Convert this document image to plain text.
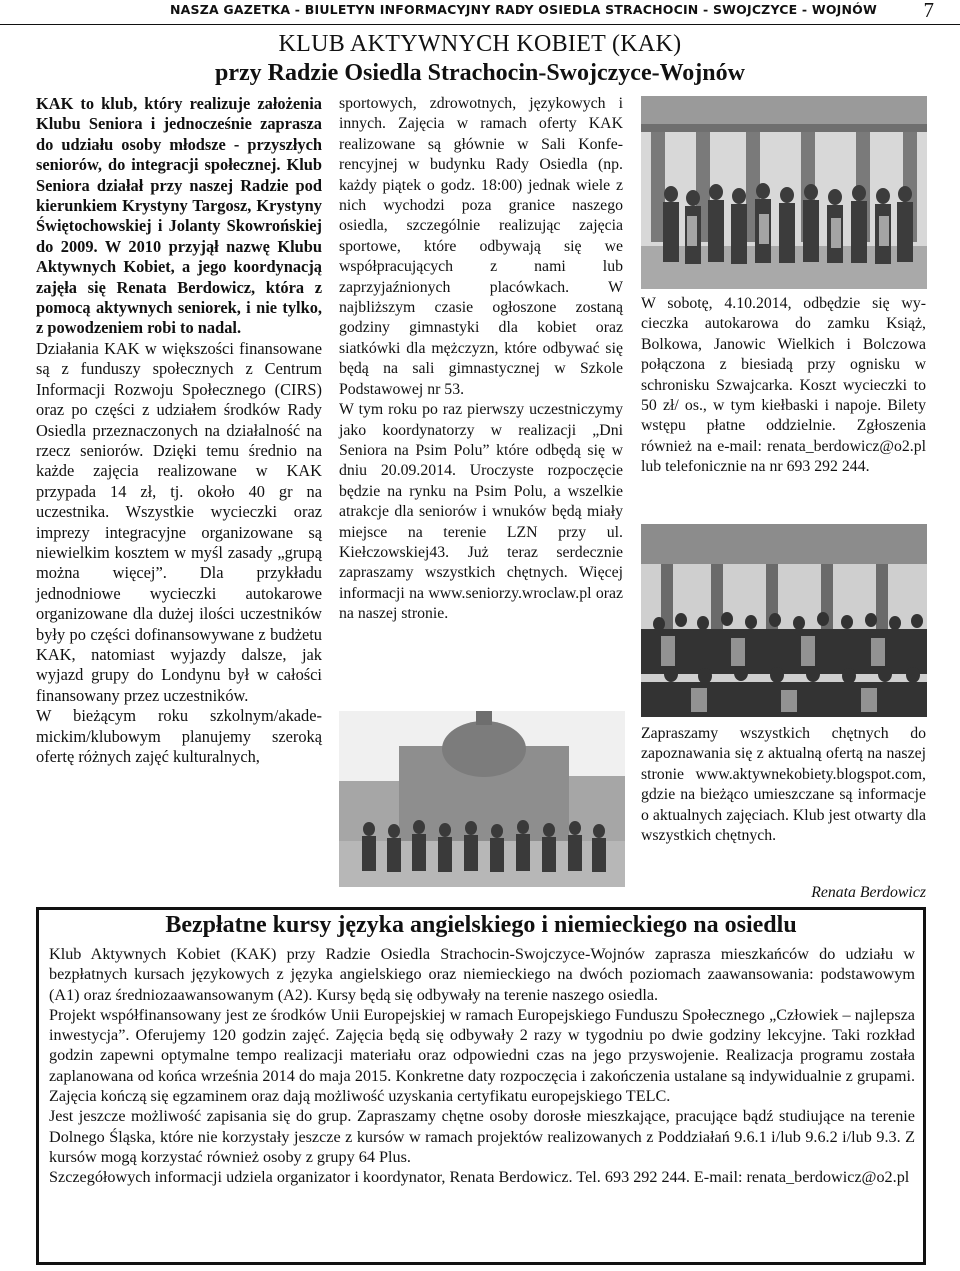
NASZA GAZETKA - BIULETYN INFORMACYJNY RADY OSIEDLA STRACHOCIN - SWOJCZYCE - WOJNÓW 7
KLUB AKTYWNYCH KOBIET (KAK)
przy Radzie Osiedla Strachocin-Swojczyce-Wojnów

KAK to klub, który realizuje założenia Klubu Seniora i jednocześnie zaprasza do udziału osoby młodsze - przyszłych seniorów, do integracji społecznej. Klub Seniora działał przy naszej Radzie pod kierunkiem Krystyny Targosz, Krystyny Świętochowskiej i Jolanty Skowrońskiej do 2009. W 2010 przyjął nazwę Klubu Aktywnych Kobiet, a jego koordynacją zajęła się Renata Berdowicz, która z pomocą aktywnych seniorek, i nie tylko, z powodzeniem robi to nadal.

Działania KAK w większości finansowane są z funduszy społecznych z Centrum Informacji Rozwoju Społecznego (CIRS) oraz po części z udziałem środków Rady Osiedla przeznaczonych na działalność na rzecz seniorów. Dzięki temu średnio na każde zajęcia realizowane w KAK przypada 14 zł, tj. około 40 gr na uczestnika. Wszystkie wycieczki oraz imprezy integracyjne organizowane są niewielkim kosztem w myśl zasady „grupą można więcej”. Dla przykładu jednodniowe wycieczki autokarowe organizowane dla dużej ilości uczestników były po części dofinansowywane z budżetu KAK, natomiast wyjazdy dalsze, jak wyjazd grupy do Londynu był w całości finansowany przez uczestników.

W bieżącym roku szkolnym/akademickim/klubowym planujemy szeroką ofertę różnych zajęć kulturalnych,

sportowych, zdrowotnych, językowych i innych. Zajęcia w ramach oferty KAK realizowane są głównie w Sali Konferencyjnej w budynku Rady Osiedla (np. każdy piątek o godz. 18:00) jednak wiele z nich wychodzi poza granice naszego osiedla, szczególnie realizując zajęcia sportowe, które odbywają się we współpracujących z nami lub zaprzyjaźnionych placówkach. W najbliższym czasie ogłoszone zostaną godziny gimnastyki dla kobiet oraz siatkówki dla mężczyzn, które odbywać się będą na sali gimnastycznej w Szkole Podstawowej nr 53.

W tym roku po raz pierwszy uczestniczymy jako koordynatorzy w realizacji „Dni Seniora na Psim Polu” które odbędą się w dniu 20.09.2014. Uroczyste rozpoczęcie będzie na rynku na Psim Polu, a wszelkie atrakcje dla seniorów i wnuków będą miały miejsce na terenie LZN przy ul. Kiełczowskiej43. Już teraz serdecznie zapraszamy wszystkich chętnych. Więcej informacji na www.seniorzy.wroclaw.pl oraz na naszej stronie.

W sobotę, 4.10.2014, odbędzie się wycieczka autokarowa do zamku Książ, Bolkowa, Janowic Wielkich i Bolczowa połączona z biesiadą przy ognisku w schronisku Szwajcarka. Koszt wycieczki to 50 zł/ os., w tym kiełbaski i napoje. Bilety wstępu płatne oddzielnie. Zgłoszenia również na e-mail: renata_berdowicz@o2.pl lub telefonicznie na nr 693 292 244.

Zapraszamy wszystkich chętnych do zapoznawania się z aktualną ofertą na naszej stronie www.aktywnekobiety.blogspot.com, gdzie na bieżąco umieszczane są informacje o aktualnych zajęciach. Klub jest otwarty dla wszystkich chętnych.

Renata Berdowicz
Bezpłatne kursy języka angielskiego i niemieckiego na osiedlu

Klub Aktywnych Kobiet (KAK) przy Radzie Osiedla Strachocin-Swojczyce-Wojnów zaprasza mieszkańców do udziału w bezpłatnych kursach językowych z języka angielskiego oraz niemieckiego na dwóch poziomach zaawansowania: podstawowym (A1) oraz średniozaawansowanym (A2). Kursy będą się odbywały na terenie naszego osiedla.

Projekt współfinansowany jest ze środków Unii Europejskiej w ramach Europejskiego Funduszu Społecznego „Człowiek – najlepsza inwestycja”. Oferujemy 120 godzin zajęć. Zajęcia będą się odbywały 2 razy w tygodniu po dwie godziny lekcyjne. Taki rozkład godzin zapewni optymalne tempo realizacji materiału oraz odpowiedni czas na jego przyswojenie. Realizacja programu została zaplanowana od końca września 2014 do maja 2015. Konkretne daty rozpoczęcia i zakończenia ustalane są indywidualnie z grupami. Zajęcia kończą się egzaminem oraz dają możliwość uzyskania certyfikatu europejskiego TELC.

Jest jeszcze możliwość zapisania się do grup. Zapraszamy chętne osoby dorosłe mieszkające, pracujące bądź studiujące na terenie Dolnego Śląska, które nie korzystały jeszcze z kursów w ramach projektów realizowanych z Poddziałań 9.6.1 i/lub 9.6.2 i/lub 9.3. Z kursów mogą korzystać również osoby z grupy 64 Plus.

Szczegółowych informacji udziela organizator i koordynator, Renata Berdowicz. Tel. 693 292 244. E-mail: renata_berdowicz@o2.pl
